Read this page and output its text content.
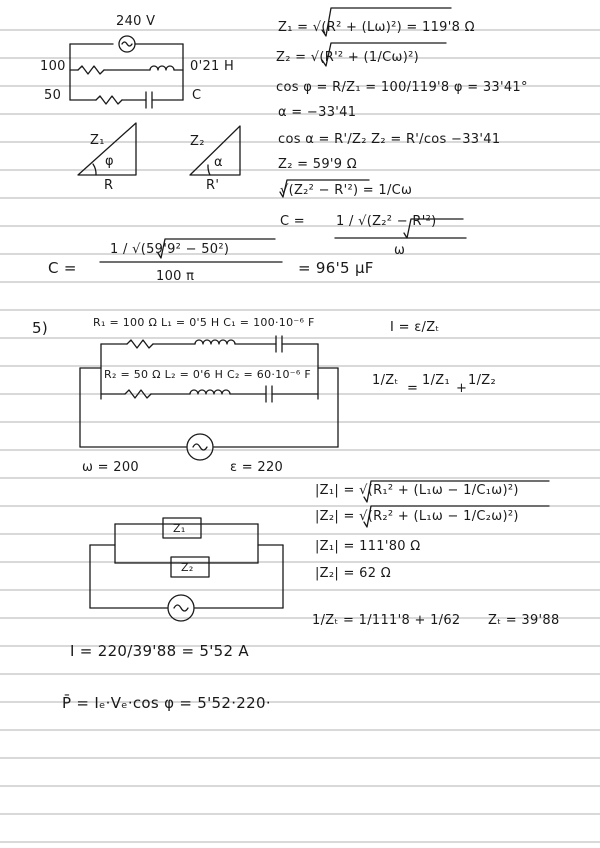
240 V
100	0'21 H
50	C
Z₁
φ
R
Z₂
α
R'
Z₁ = √(R² + (Lω)²) = 119'8 Ω
Z₂ = √(R'² + (1/Cω)²)
cos φ = R/Z₁ = 100/119'8 φ = 33'41°
α = −33'41
cos α = R'/Z₂ Z₂ = R'/cos −33'41
Z₂ = 59'9 Ω
√(Z₂² − R'²) = 1/Cω
C = 1 / √(Z₂² − R'²)
ω
C =
1 / √(59'9² − 50²)
100 π	= 96'5 μF
5)	R₁ = 100 Ω L₁ = 0'5 H C₁ = 100·10⁻⁶ F
R₂ = 50 Ω L₂ = 0'6 H C₂ = 60·10⁻⁶ F
I = ε/Zₜ
1/Zₜ
=
1/Z₁
+
1/Z₂
ω = 200	ε = 220
|Z₁| = √(R₁² + (L₁ω − 1/C₁ω)²)
|Z₂| = √(R₂² + (L₁ω − 1/C₂ω)²)
|Z₁| = 111'80 Ω
|Z₂| = 62 Ω
Z₁
Z₂
1/Zₜ = 1/111'8 + 1/62 Zₜ = 39'88
I = 220/39'88 = 5'52 A
P̄ = Iₑ·Vₑ·cos φ = 5'52·220·
